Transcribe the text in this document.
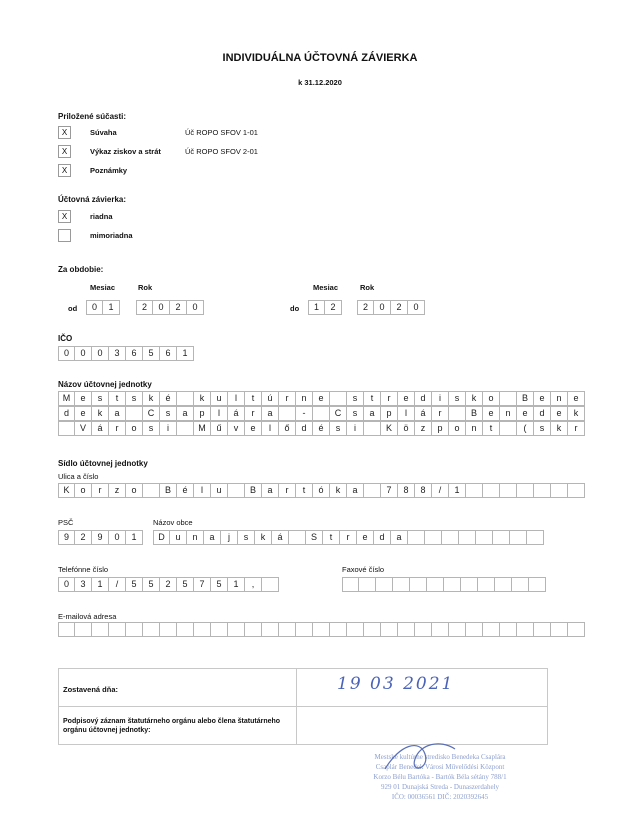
INDIVIDUÁLNA ÚČTOVNÁ ZÁVIERKA
k 31.12.2020
Priložené súčasti:
X	Súvaha	Úč ROPO SFOV 1-01
X	Výkaz ziskov a strát	Úč ROPO SFOV 2-01
X	Poznámky
Účtovná závierka:
X	riadna
mimoriadna
Za obdobie:
Mesiac	Rok	Mesiac	Rok
od	do
0	1	2	0	2	0	1	2	2	0	2	0
IČO
0	0	0	3	6	5	6	1
Názov účtovnej jednotky
M	e	s	t	s	k	é	k	u	l	t	ú	r	n	e	s	t	r	e	d	i	s	k	o	B	e	n	e
d	e	k	a	C	s	a	p	l	á	r	a	-	C	s	a	p	l	á	r	B	e	n	e	d	e	k
V	á	r	o	s	i	M	ű	v	e	l	ő	d	é	s	i	K	ö	z	p	o	n	t	(	s	k	r
Sídlo účtovnej jednotky
Ulica a číslo
K	o	r	z	o	B	é	l	u	B	a	r	t	ó	k	a	7	8	8	/	1
PSČ
9	2	9	0	1
Názov obce
D	u	n	a	j	s	k	á	S	t	r	e	d	a
Telefónne číslo
0	3	1	/	5	5	2	5	7	5	1	,
Faxové číslo
E-mailová adresa
Zostavená dňa:	19 03 2021
Podpisový záznam štatutárneho orgánu alebo člena štatutárneho orgánu účtovnej jednotky:
Mestské kultúrne stredisko Benedeka Csaplára
Csaplár Benedek Városi Művelődési Központ
Korzo Bélu Bartóka - Bartók Béla sétány 788/1
929 01 Dunajská Streda - Dunaszerdahely
IČO: 00036561 DIČ: 2020392645
